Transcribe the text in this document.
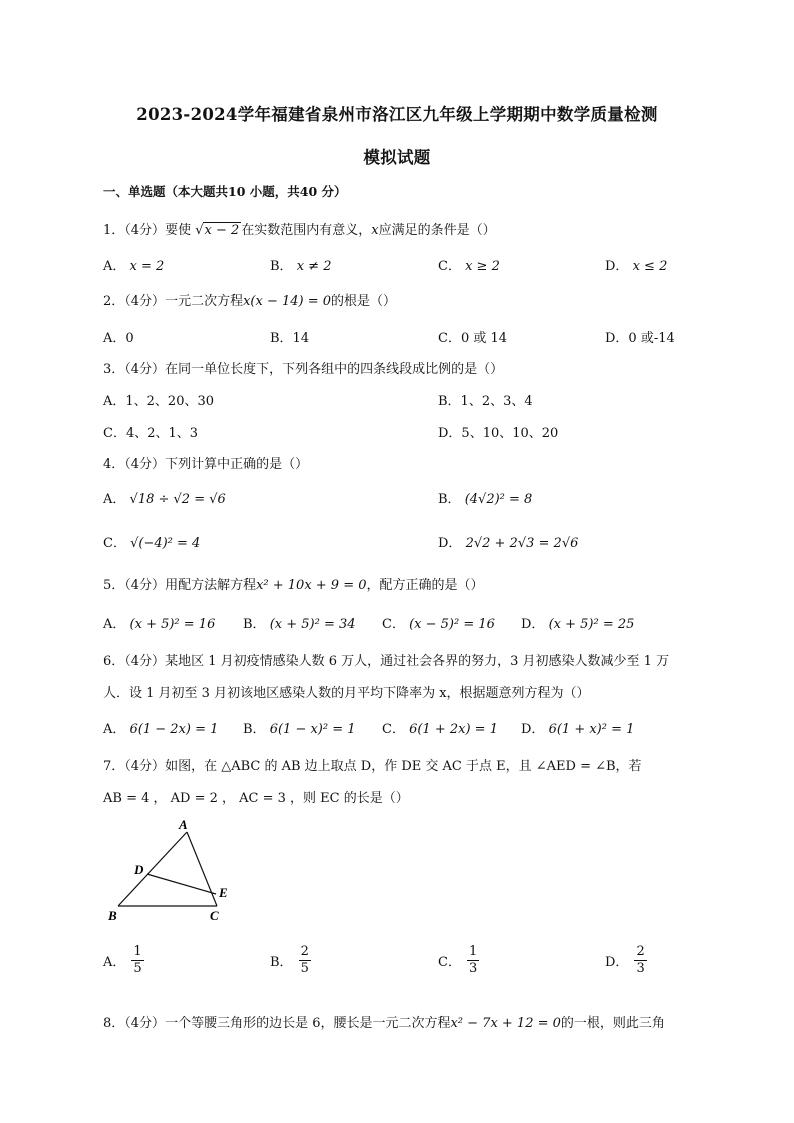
2023-2024学年福建省泉州市洛江区九年级上学期期中数学质量检测
模拟试题
一、单选题（本大题共10 小题，共40 分）
1．（4分）要使 √x − 2 在实数范围内有意义，x应满足的条件是（）
A． x = 2	B． x ≠ 2	C． x ≥ 2	D． x ≤ 2
2．（4分）一元二次方程x(x − 14) = 0的根是（）
A．0	B．14	C．0 或 14	D．0 或-14
3．（4分）在同一单位长度下，下列各组中的四条线段成比例的是（）
A．1、2、20、30	B．1、2、3、4
C．4、2、1、3	D．5、10、10、20
4．（4分）下列计算中正确的是（）
A． √18 ÷ √2 = √6	B． (4√2)² = 8
C． √(−4)² = 4	D． 2√2 + 2√3 = 2√6
5．（4分）用配方法解方程x² + 10x + 9 = 0，配方正确的是（）
A． (x + 5)² = 16 B． (x + 5)² = 34 C． (x − 5)² = 16 D． (x + 5)² = 25
6．（4分）某地区 1 月初疫情感染人数 6 万人，通过社会各界的努力，3 月初感染人数减少至 1 万
人．设 1 月初至 3 月初该地区感染人数的月平均下降率为 x，根据题意列方程为（）
A． 6(1 − 2x) = 1 B． 6(1 − x)² = 1 C． 6(1 + 2x) = 1 D． 6(1 + x)² = 1
7．（4分）如图，在 △ABC 的 AB 边上取点 D，作 DE 交 AC 于点 E，且 ∠AED = ∠B，若
AB = 4 ， AD = 2 ， AC = 3 ，则 EC 的长是（）
A
D
E
B	C
A． $\frac{1}{5}$	B． $\frac{2}{5}$	C． $\frac{1}{3}$	D． $\frac{2}{3}$
8．（4分）一个等腰三角形的边长是 6，腰长是一元二次方程x² − 7x + 12 = 0的一根，则此三角
